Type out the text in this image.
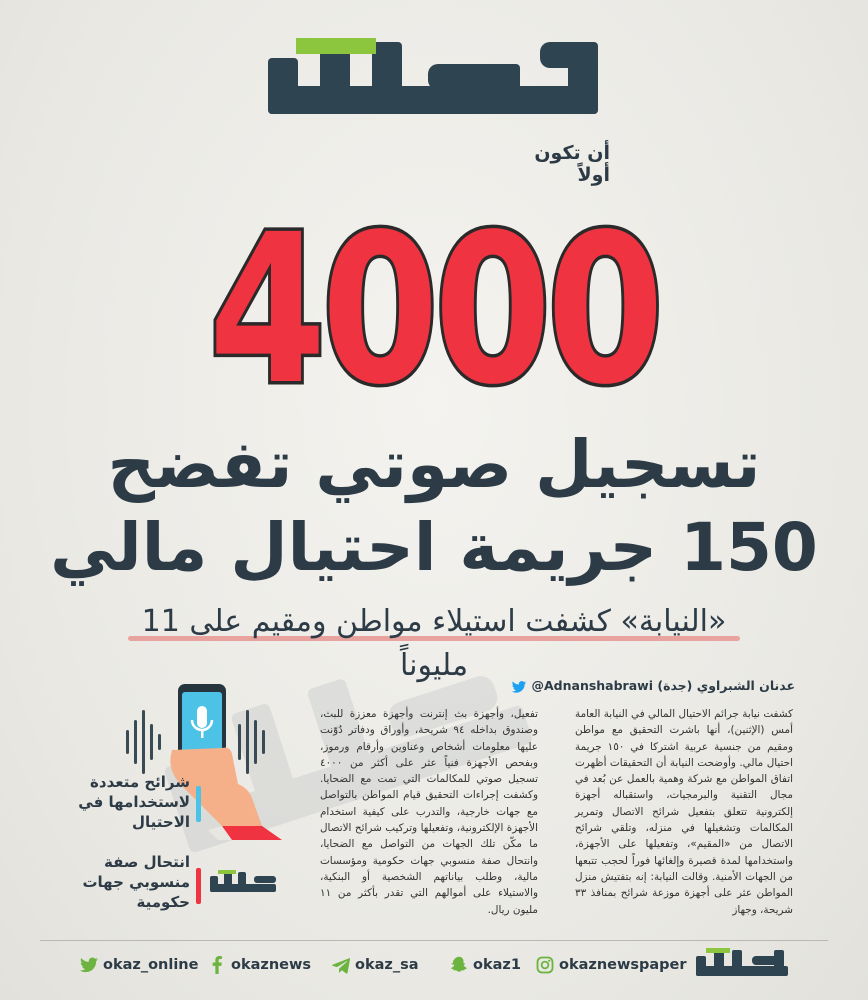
أن تكون أولاً
4000
تسجيل صوتي تفضح
150 جريمة احتيال مالي
«النيابة» كشفت استيلاء مواطن ومقيم على 11 مليوناً
عدنان الشبراوي (جدة) Adnanshabrawi@
كشفت نيابة جرائم الاحتيال المالي في النيابة العامة أمس (الإثنين)، أنها باشرت التحقيق مع مواطن ومقيم من جنسية عربية اشتركا في ١٥٠ جريمة احتيال مالي. وأوضحت النيابة أن التحقيقات أظهرت اتفاق المواطن مع شركة وهمية بالعمل عن بُعد في مجال التقنية والبرمجيات، واستقباله أجهزة إلكترونية تتعلق بتفعيل شرائح الاتصال وتمرير المكالمات وتشغيلها في منزله، وتلقي شرائح الاتصال من «المقيم»، وتفعيلها على الأجهزة، واستخدامها لمدة قصيرة وإلغائها فوراً لحجب تتبعها من الجهات الأمنية. وقالت النيابة: إنه بتفتيش منزل المواطن عثر على أجهزة موزعة شرائح بمنافذ ٣٣ شريحة، وجهاز
تفعيل، وأجهزة بث إنترنت وأجهزة معززة للبث، وصندوق بداخله ٩٤ شريحة، وأوراق ودفاتر دُوّنت عليها معلومات أشخاص وعناوين وأرقام ورموز، وبفحص الأجهزة فنياً عثر على أكثر من ٤٠٠٠ تسجيل صوتي للمكالمات التي تمت مع الضحايا. وكشفت إجراءات التحقيق قيام المواطن بالتواصل مع جهات خارجية، والتدرب على كيفية استخدام الأجهزة الإلكترونية، وتفعيلها وتركيب شرائح الاتصال ما مكّن تلك الجهات من التواصل مع الضحايا، وانتحال صفة منسوبي جهات حكومية ومؤسسات مالية، وطلب بياناتهم الشخصية أو البنكية، والاستيلاء على أموالهم التي تقدر بأكثر من ١١ مليون ريال.
شرائح متعددة لاستخدامها في الاحتيال
انتحال صفة منسوبي جهات حكومية
okaz_online okaznews	okaz_sa	okaz1	okaznewspaper
